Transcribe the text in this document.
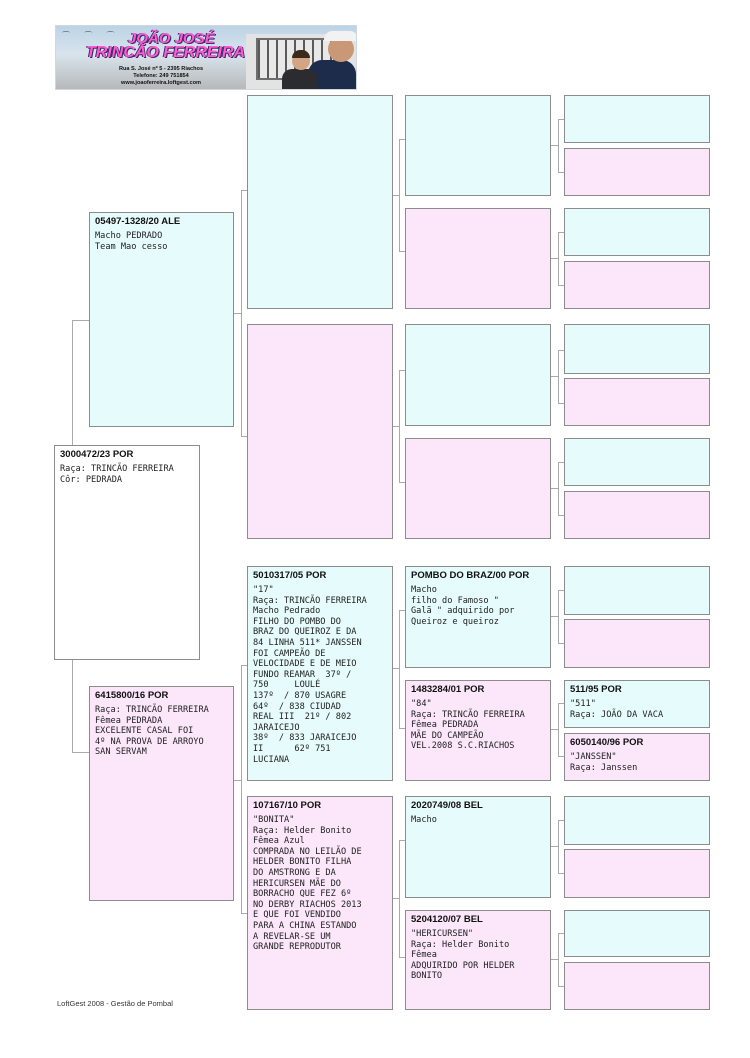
⌒ ⌒ ⌒ JOÃO JOSÉ
TRINCÃO FERREIRA
Rua S. José nº 5 - 2395 Riachos
Telefone: 249 751854
www.joaoferreira.loftgest.com
3000472/23 POR
Raça: TRINCÃO FERREIRA
Côr: PEDRADA
05497-1328/20 ALE
Macho PEDRADO
Team Mao cesso
6415800/16 POR
Raça: TRINCÃO FERREIRA
Fêmea PEDRADA
EXCELENTE CASAL FOI
4º NA PROVA DE ARROYO
SAN SERVAM
5010317/05 POR
"17"
Raça: TRINCÃO FERREIRA
Macho Pedrado
FILHO DO POMBO DO
BRAZ DO QUEIROZ E DA
84 LINHA 511* JANSSEN
FOI CAMPEÃO DE
VELOCIDADE E DE MEIO
FUNDO REAMAR  37º /
750     LOULÉ
137º  / 870 USAGRE
64º  / 838 CIUDAD
REAL III  21º / 802
JARAICEJO
38º  / 833 JARAICEJO
II      62º 751
LUCIANA
107167/10 POR
"BONITA"
Raça: Helder Bonito
Fêmea Azul
COMPRADA NO LEILÃO DE
HELDER BONITO FILHA
DO AMSTRONG E DA
HERICURSEN MÃE DO
BORRACHO QUE FEZ 6º
NO DERBY RIACHOS 2013
E QUE FOI VENDIDO
PARA A CHINA ESTANDO
A REVELAR-SE UM
GRANDE REPRODUTOR
POMBO DO BRAZ/00 POR
Macho
filho do Famoso "
Galã " adquirido por
Queiroz e queiroz
1483284/01 POR
"84"
Raça: TRINCÃO FERREIRA
Fêmea PEDRADA
MÃE DO CAMPEÃO
VEL.2008 S.C.RIACHOS
2020749/08 BEL
Macho
5204120/07 BEL
"HERICURSEN"
Raça: Helder Bonito
Fêmea
ADQUIRIDO POR HELDER
BONITO
511/95 POR
"511"
Raça: JOÃO DA VACA
6050140/96 POR
"JANSSEN"
Raça: Janssen
LoftGest 2008 - Gestão de Pombal
